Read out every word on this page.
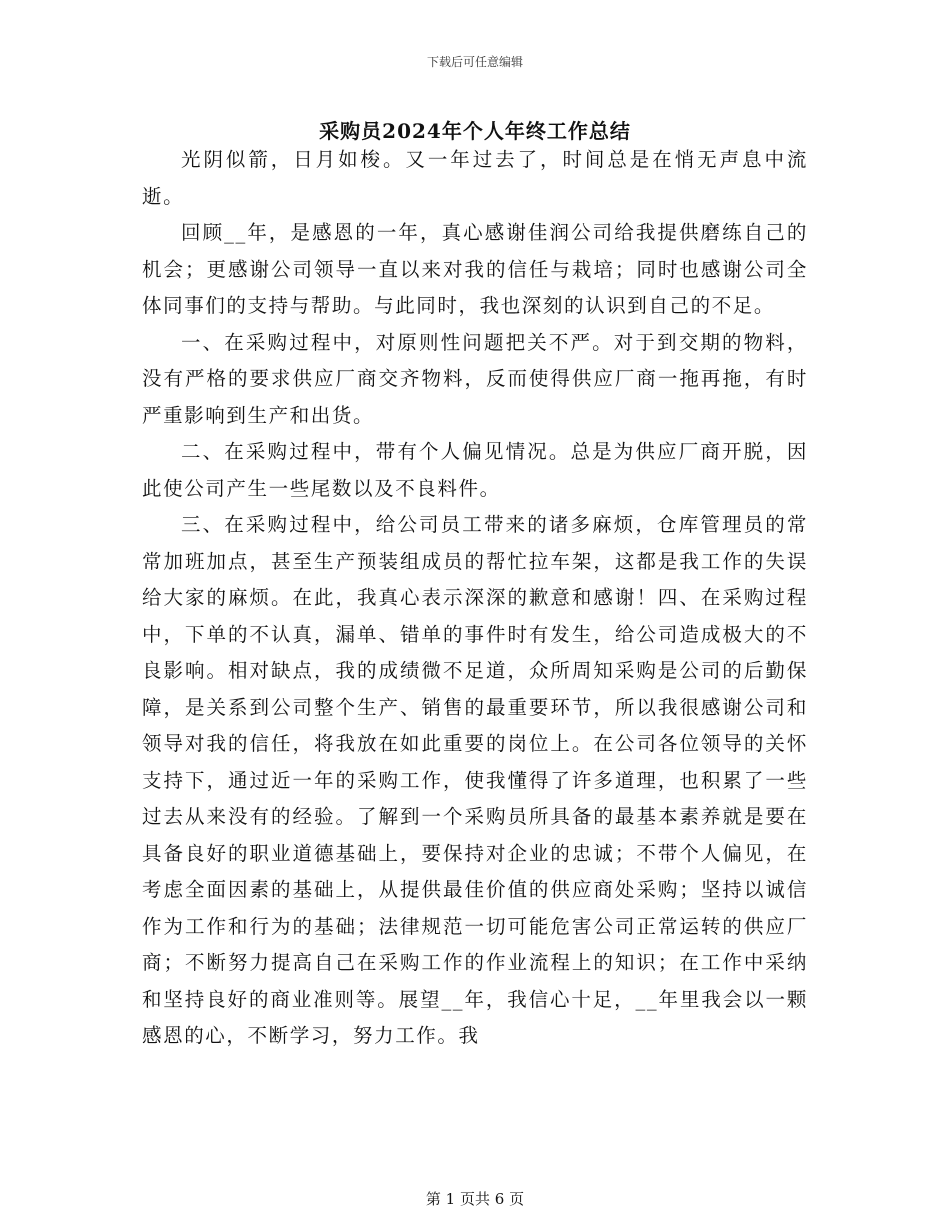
下载后可任意编辑
采购员2024年个人年终工作总结

光阴似箭，日月如梭。又一年过去了，时间总是在悄无声息中流逝。

回顾__年，是感恩的一年，真心感谢佳润公司给我提供磨练自己的机会；更感谢公司领导一直以来对我的信任与栽培；同时也感谢公司全体同事们的支持与帮助。与此同时，我也深刻的认识到自己的不足。

一、在采购过程中，对原则性问题把关不严。对于到交期的物料，没有严格的要求供应厂商交齐物料，反而使得供应厂商一拖再拖，有时严重影响到生产和出货。

二、在采购过程中，带有个人偏见情况。总是为供应厂商开脱，因此使公司产生一些尾数以及不良料件。

三、在采购过程中，给公司员工带来的诸多麻烦，仓库管理员的常常加班加点，甚至生产预装组成员的帮忙拉车架，这都是我工作的失误给大家的麻烦。在此，我真心表示深深的歉意和感谢！四、在采购过程中，下单的不认真，漏单、错单的事件时有发生，给公司造成极大的不良影响。相对缺点，我的成绩微不足道，众所周知采购是公司的后勤保障，是关系到公司整个生产、销售的最重要环节，所以我很感谢公司和领导对我的信任，将我放在如此重要的岗位上。在公司各位领导的关怀支持下，通过近一年的采购工作，使我懂得了许多道理，也积累了一些过去从来没有的经验。了解到一个采购员所具备的最基本素养就是要在具备良好的职业道德基础上，要保持对企业的忠诚；不带个人偏见，在考虑全面因素的基础上，从提供最佳价值的供应商处采购；坚持以诚信作为工作和行为的基础；法律规范一切可能危害公司正常运转的供应厂商；不断努力提高自己在采购工作的作业流程上的知识；在工作中采纳和坚持良好的商业准则等。展望__年，我信心十足，__年里我会以一颗感恩的心，不断学习，努力工作。我

第 1 页共 6 页
